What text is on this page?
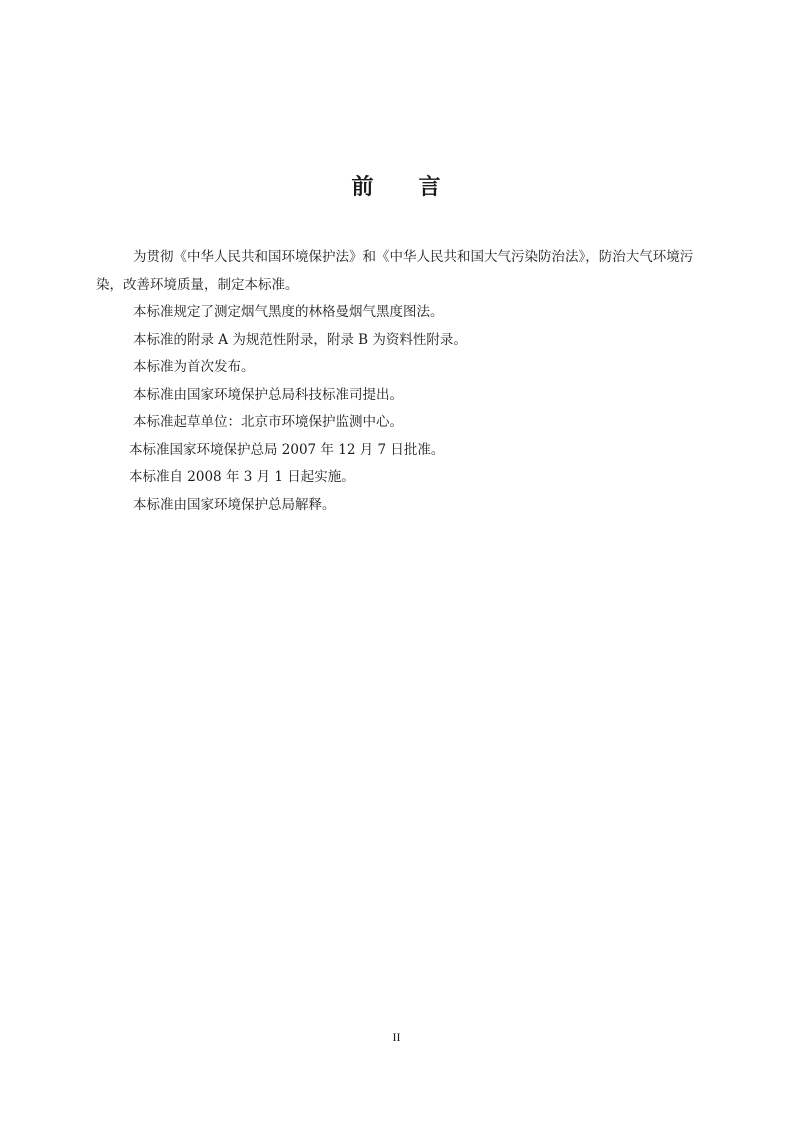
前 言

为贯彻《中华人民共和国环境保护法》和《中华人民共和国大气污染防治法》，防治大气环境污染，改善环境质量，制定本标准。

本标准规定了测定烟气黑度的林格曼烟气黑度图法。

本标准的附录 A 为规范性附录，附录 B 为资料性附录。

本标准为首次发布。

本标准由国家环境保护总局科技标准司提出。

本标准起草单位：北京市环境保护监测中心。

本标准国家环境保护总局 2007 年 12 月 7 日批准。

本标准自 2008 年 3 月 1 日起实施。

本标准由国家环境保护总局解释。

II
